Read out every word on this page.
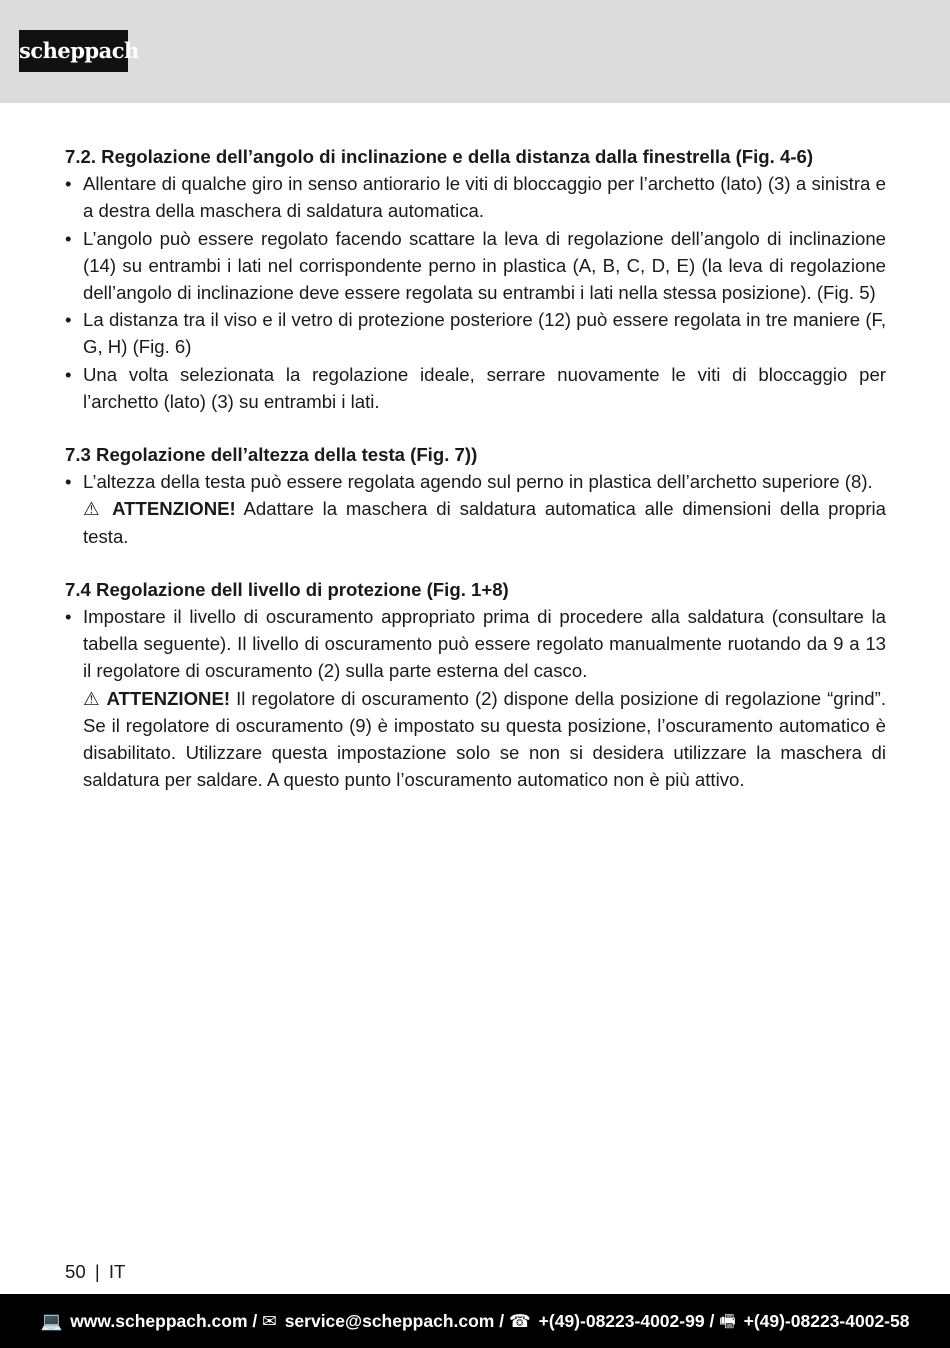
scheppach
7.2. Regolazione dell’angolo di inclinazione e della distanza dalla finestrella (Fig. 4-6)
• Allentare di qualche giro in senso antiorario le viti di bloccaggio per l’archetto (lato) (3) a sinistra e a destra della maschera di saldatura automatica.
• L’angolo può essere regolato facendo scattare la leva di regolazione dell’angolo di inclinazione (14) su entrambi i lati nel corrispondente perno in plastica (A, B, C, D, E) (la leva di regolazione dell’angolo di inclinazione deve essere regolata su entrambi i lati nella stessa posizione). (Fig. 5)
• La distanza tra il viso e il vetro di protezione posteriore (12) può essere regolata in tre maniere (F, G, H) (Fig. 6)
• Una volta selezionata la regolazione ideale, serrare nuovamente le viti di bloccaggio per l’archetto (lato) (3) su entrambi i lati.
7.3 Regolazione dell’altezza della testa (Fig. 7))
• L’altezza della testa può essere regolata agendo sul perno in plastica dell’archetto superiore (8).
⚠ ATTENZIONE! Adattare la maschera di saldatura automatica alle dimensioni della propria testa.
7.4 Regolazione dell livello di protezione (Fig. 1+8)
• Impostare il livello di oscuramento appropriato prima di procedere alla saldatura (consultare la tabella seguente). Il livello di oscuramento può essere regolato manualmente ruotando da 9 a 13 il regolatore di oscuramento (2) sulla parte esterna del casco.
⚠ ATTENZIONE! Il regolatore di oscuramento (2) dispone della posizione di regolazione “grind”. Se il regolatore di oscuramento (9) è impostato su questa posizione, l’oscuramento automatico è disabilitato. Utilizzare questa impostazione solo se non si desidera utilizzare la maschera di saldatura per saldare. A questo punto l’oscuramento automatico non è più attivo.
50 | IT
💻 www.scheppach.com / ✉ service@scheppach.com / ☎ +(49)-08223-4002-99 / 🖷 +(49)-08223-4002-58
